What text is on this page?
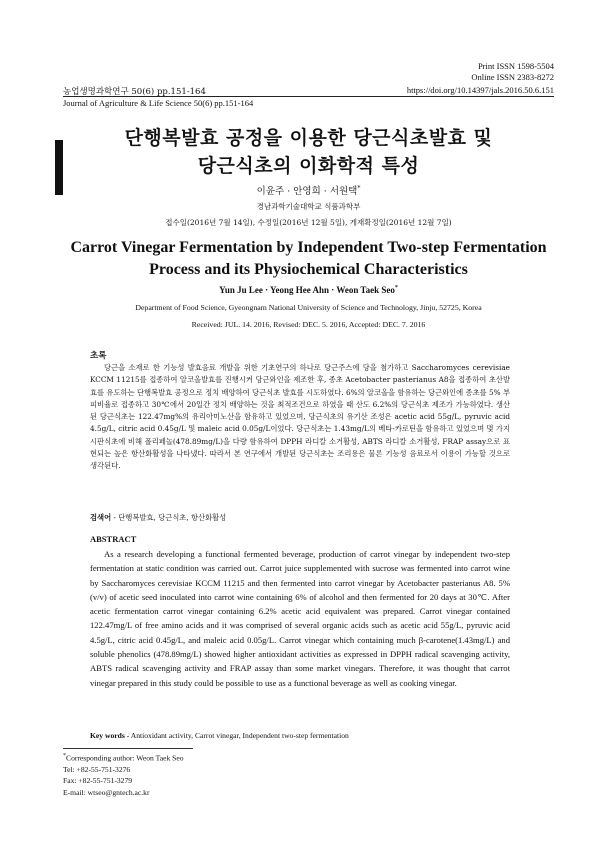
Print ISSN 1598-5504
Online ISSN 2383-8272
농업생명과학연구 50(6) pp.151-164	https://doi.org/10.14397/jals.2016.50.6.151
Journal of Agriculture & Life Science 50(6) pp.151-164
단행복발효 공정을 이용한 당근식초발효 및
당근식초의 이화학적 특성
이윤주 · 안영희 · 서원택*
경남과학기술대학교 식품과학부
접수일(2016년 7월 14일), 수정일(2016년 12월 5일), 게재확정일(2016년 12월 7일)
Carrot Vinegar Fermentation by Independent Two-step Fermentation
Process and its Physiochemical Characteristics
Yun Ju Lee · Yeong Hee Ahn · Weon Taek Seo*
Department of Food Science, Gyeongnam National University of Science and Technology, Jinju, 52725, Korea
Received: JUL. 14. 2016, Revised: DEC. 5. 2016, Accepted: DEC. 7. 2016
초록
당근을 소재로 한 기능성 발효음료 개발을 위한 기초연구의 하나로 당근주스에 당을 첨가하고 Saccharomyces cerevisiae KCCM 11215를 접종하여 알코올발효를 진행시켜 당근와인을 제조한 후, 종초 Acetobacter pasterianus A8을 접종하여 초산발효를 유도하는 단행복발효 공정으로 정치 배양하여 당근식초 발효를 시도하였다. 6%의 알코올을 함유하는 당근와인에 종초를 5% 부피비율로 접종하고 30℃에서 20일간 정치 배양하는 것을 최적조건으로 하였을 때 산도 6.2%의 당근식초 제조가 가능하였다. 생산된 당근식초는 122.47mg%의 유리아미노산을 함유하고 있었으며, 당근식초의 유기산 조성은 acetic acid 55g/L, pyruvic acid 4.5g/L, citric acid 0.45g/L 및 maleic acid 0.05g/L이었다. 당근식초는 1.43mg/L의 베타-카로틴을 함유하고 있었으며 몇 가지 시판식초에 비해 폴리페놀(478.89mg/L)을 다량 함유하여 DPPH 라디칼 소거활성, ABTS 라디칼 소거활성, FRAP assay으로 표현되는 높은 항산화활성을 나타냈다. 따라서 본 연구에서 개발된 당근식초는 조리용은 물론 기능성 음료로서 이용이 가능할 것으로 생각된다.
검색어 - 단행복발효, 당근식초, 항산화활성
ABSTRACT
As a research developing a functional fermented beverage, production of carrot vinegar by independent two-step fermentation at static condition was carried out. Carrot juice supplemented with sucrose was fermented into carrot wine by Saccharomyces cerevisiae KCCM 11215 and then fermented into carrot vinegar by Acetobacter pasterianus A8. 5%(v/v) of acetic seed inoculated into carrot wine containing 6% of alcohol and then fermented for 20 days at 30℃. After acetic fermentation carrot vinegar containing 6.2% acetic acid equivalent was prepared. Carrot vinegar contained 122.47mg/L of free amino acids and it was comprised of several organic acids such as acetic acid 55g/L, pyruvic acid 4.5g/L, citric acid 0.45g/L, and maleic acid 0.05g/L. Carrot vinegar which containing much β-carotene(1.43mg/L) and soluble phenolics (478.89mg/L) showed higher antioxidant activities as expressed in DPPH radical scavenging activity, ABTS radical scavenging activity and FRAP assay than some market vinegars. Therefore, it was thought that carrot vinegar prepared in this study could be possible to use as a functional beverage as well as cooking vinegar.
Key words - Antioxidant activity, Carrot vinegar, Independent two-step fermentation
*Corresponding author: Weon Taek Seo
Tel: +82-55-751-3276
Fax: +82-55-751-3279
E-mail: wtseo@gntech.ac.kr
